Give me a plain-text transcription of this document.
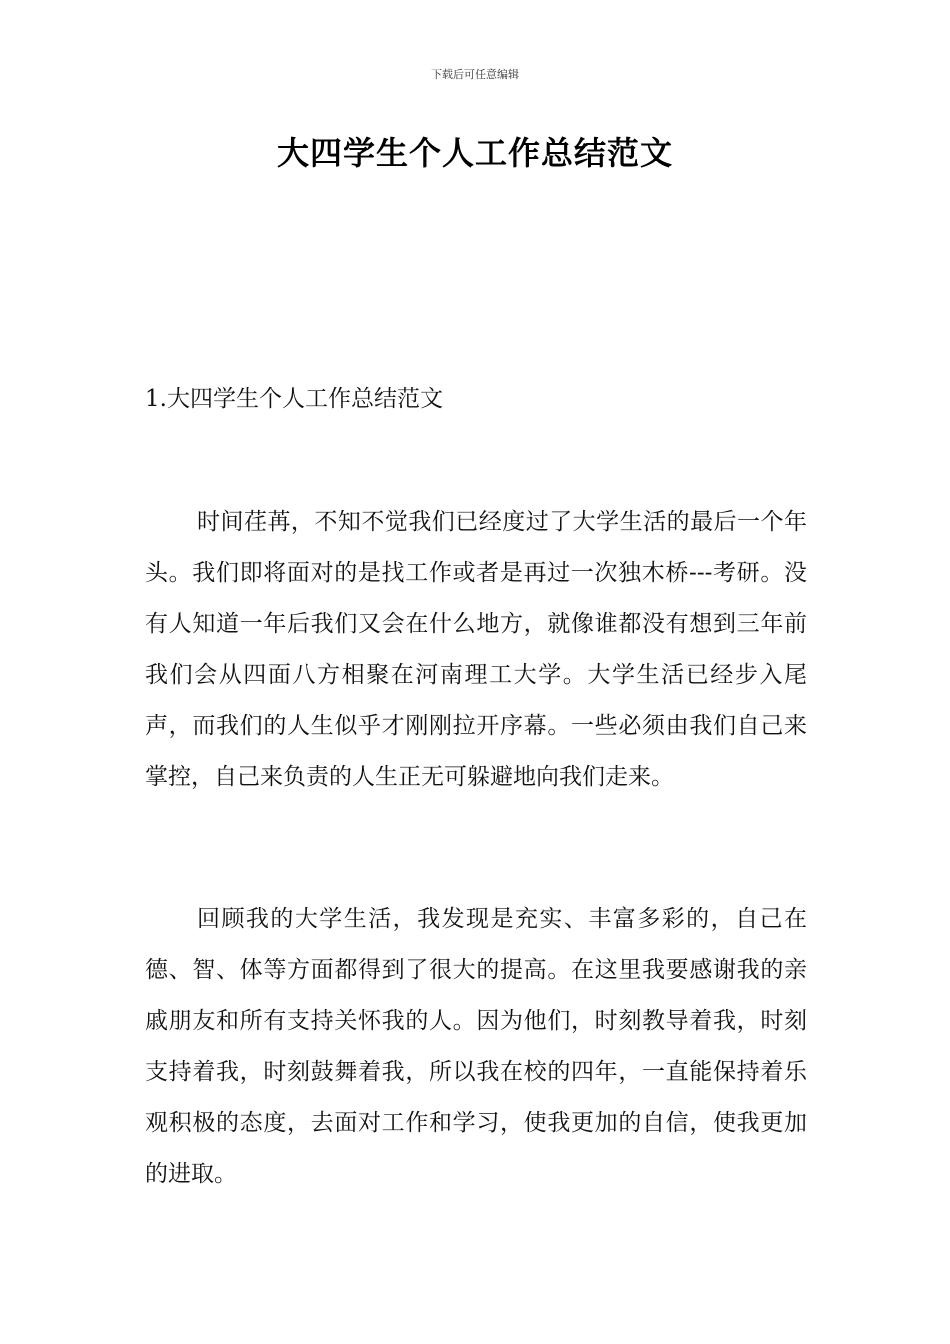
下载后可任意编辑
大四学生个人工作总结范文
1.大四学生个人工作总结范文

时间荏苒，不知不觉我们已经度过了大学生活的最后一个年头。我们即将面对的是找工作或者是再过一次独木桥---考研。没有人知道一年后我们又会在什么地方，就像谁都没有想到三年前我们会从四面八方相聚在河南理工大学。大学生活已经步入尾声，而我们的人生似乎才刚刚拉开序幕。一些必须由我们自己来掌控，自己来负责的人生正无可躲避地向我们走来。

回顾我的大学生活，我发现是充实、丰富多彩的，自己在德、智、体等方面都得到了很大的提高。在这里我要感谢我的亲戚朋友和所有支持关怀我的人。因为他们，时刻教导着我，时刻支持着我，时刻鼓舞着我，所以我在校的四年，一直能保持着乐观积极的态度，去面对工作和学习，使我更加的自信，使我更加的进取。
